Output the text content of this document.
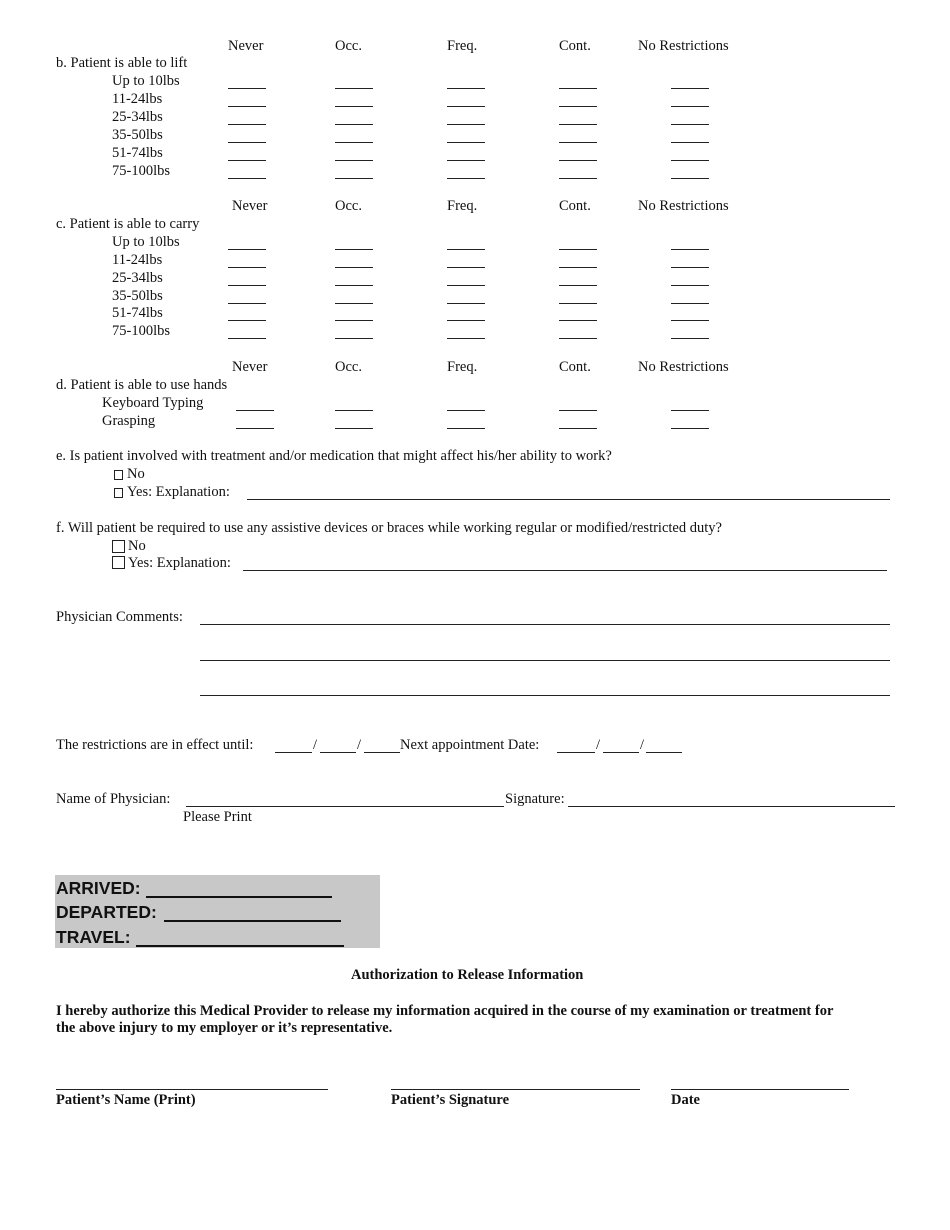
Never	Occ.	Freq.	Cont.	No Restrictions
b. Patient is able to lift
Up to 10lbs
11-24lbs
25-34lbs
35-50lbs
51-74lbs
75-100lbs
Never	Occ.	Freq.	Cont.	No Restrictions
c. Patient is able to carry
Up to 10lbs
11-24lbs
25-34lbs
35-50lbs
51-74lbs
75-100lbs
Never	Occ.	Freq.	Cont.	No Restrictions
d. Patient is able to use hands
Keyboard Typing
Grasping
e. Is patient involved with treatment and/or medication that might affect his/her ability to work?
No
Yes: Explanation:
f. Will patient be required to use any assistive devices or braces while working regular or modified/restricted duty?
No
Yes: Explanation:
Physician Comments:
The restrictions are in effect until:	/	/	Next appointment Date:	/	/
Name of Physician:	Signature:
Please Print
ARRIVED:
DEPARTED:
TRAVEL:
Authorization to Release Information
I hereby authorize this Medical Provider to release my information acquired in the course of my examination or treatment for
the above injury to my employer or it’s representative.
Patient’s Name (Print)	Patient’s Signature	Date
